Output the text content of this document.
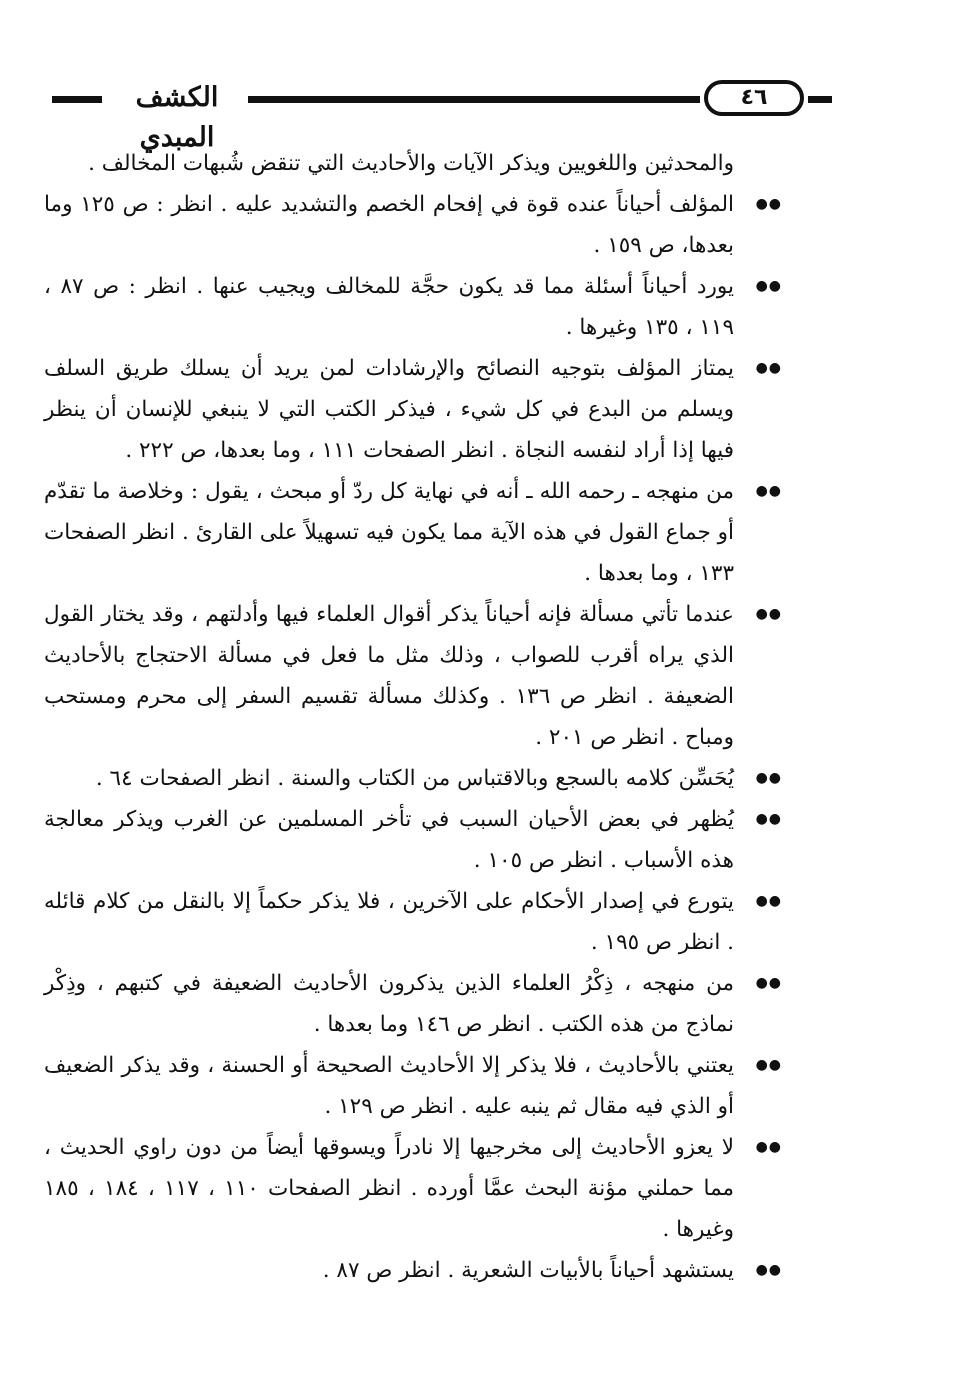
الكشف المبدي
٤٦

والمحدثين واللغويين ويذكر الآيات والأحاديث التي تنقض شُبهات المخالف .

●●
المؤلف أحياناً عنده قوة في إفحام الخصم والتشديد عليه . انظر : ص ١٢٥ وما بعدها، ص ١٥٩ .
●●
يورد أحياناً أسئلة مما قد يكون حجَّة للمخالف ويجيب عنها . انظر : ص ٨٧ ، ١١٩ ، ١٣٥ وغيرها .
●●
يمتاز المؤلف بتوجيه النصائح والإرشادات لمن يريد أن يسلك طريق السلف ويسلم من البدع في كل شيء ، فيذكر الكتب التي لا ينبغي للإنسان أن ينظر فيها إذا أراد لنفسه النجاة . انظر الصفحات ١١١ ، وما بعدها، ص ٢٢٢ .
●●
من منهجه ـ رحمه الله ـ أنه في نهاية كل ردّ أو مبحث ، يقول : وخلاصة ما تقدّم أو جماع القول في هذه الآية مما يكون فيه تسهيلاً على القارئ . انظر الصفحات ١٣٣ ، وما بعدها .
●●
عندما تأتي مسألة فإنه أحياناً يذكر أقوال العلماء فيها وأدلتهم ، وقد يختار القول الذي يراه أقرب للصواب ، وذلك مثل ما فعل في مسألة الاحتجاج بالأحاديث الضعيفة . انظر ص ١٣٦ . وكذلك مسألة تقسيم السفر إلى محرم ومستحب ومباح . انظر ص ٢٠١ .
●●
يُحَسِّن كلامه بالسجع وبالاقتباس من الكتاب والسنة . انظر الصفحات ٦٤ .
●●
يُظهر في بعض الأحيان السبب في تأخر المسلمين عن الغرب ويذكر معالجة هذه الأسباب . انظر ص ١٠٥ .
●●
يتورع في إصدار الأحكام على الآخرين ، فلا يذكر حكماً إلا بالنقل من كلام قائله . انظر ص ١٩٥ .
●●
من منهجه ، ذِكْرُ العلماء الذين يذكرون الأحاديث الضعيفة في كتبهم ، وذِكْر نماذج من هذه الكتب . انظر ص ١٤٦ وما بعدها .
●●
يعتني بالأحاديث ، فلا يذكر إلا الأحاديث الصحيحة أو الحسنة ، وقد يذكر الضعيف أو الذي فيه مقال ثم ينبه عليه . انظر ص ١٢٩ .
●●
لا يعزو الأحاديث إلى مخرجيها إلا نادراً ويسوقها أيضاً من دون راوي الحديث ، مما حملني مؤنة البحث عمَّا أورده . انظر الصفحات ١١٠ ، ١١٧ ، ١٨٤ ، ١٨٥ وغيرها .
●●
يستشهد أحياناً بالأبيات الشعرية . انظر ص ٨٧ .
